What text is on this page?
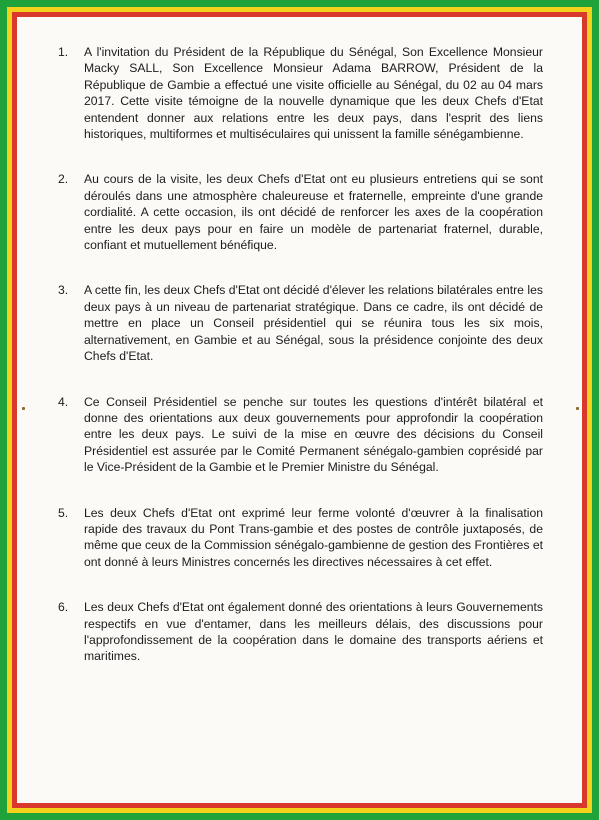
1.	A l'invitation du Président de la République du Sénégal, Son Excellence Monsieur Macky SALL, Son Excellence Monsieur Adama BARROW, Président de la République de Gambie a effectué une visite officielle au Sénégal, du 02 au 04 mars 2017. Cette visite témoigne de la nouvelle dynamique que les deux Chefs d'Etat entendent donner aux relations entre les deux pays, dans l'esprit des liens historiques, multiformes et multiséculaires qui unissent la famille sénégambienne.
2.	Au cours de la visite, les deux Chefs d'Etat ont eu plusieurs entretiens qui se sont déroulés dans une atmosphère chaleureuse et fraternelle, empreinte d'une grande cordialité. A cette occasion, ils ont décidé de renforcer les axes de la coopération entre les deux pays pour en faire un modèle de partenariat fraternel, durable, confiant et mutuellement bénéfique.
3.	A cette fin, les deux Chefs d'Etat ont décidé d'élever les relations bilatérales entre les deux pays à un niveau de partenariat stratégique. Dans ce cadre, ils ont décidé de mettre en place un Conseil présidentiel qui se réunira tous les six mois, alternativement, en Gambie et au Sénégal, sous la présidence conjointe des deux Chefs d'Etat.
4.	Ce Conseil Présidentiel se penche sur toutes les questions d'intérêt bilatéral et donne des orientations aux deux gouvernements pour approfondir la coopération entre les deux pays. Le suivi de la mise en œuvre des décisions du Conseil Présidentiel est assurée par le Comité Permanent sénégalo-gambien coprésidé par le Vice-Président de la Gambie et le Premier Ministre du Sénégal.
5.	Les deux Chefs d'Etat ont exprimé leur ferme volonté d'œuvrer à la finalisation rapide des travaux du Pont Trans-gambie et des postes de contrôle juxtaposés, de même que ceux de la Commission sénégalo-gambienne de gestion des Frontières et ont donné à leurs Ministres concernés les directives nécessaires à cet effet.
6.	Les deux Chefs d'Etat ont également donné des orientations à leurs Gouvernements respectifs en vue d'entamer, dans les meilleurs délais, des discussions pour l'approfondissement de la coopération dans le domaine des transports aériens et maritimes.
